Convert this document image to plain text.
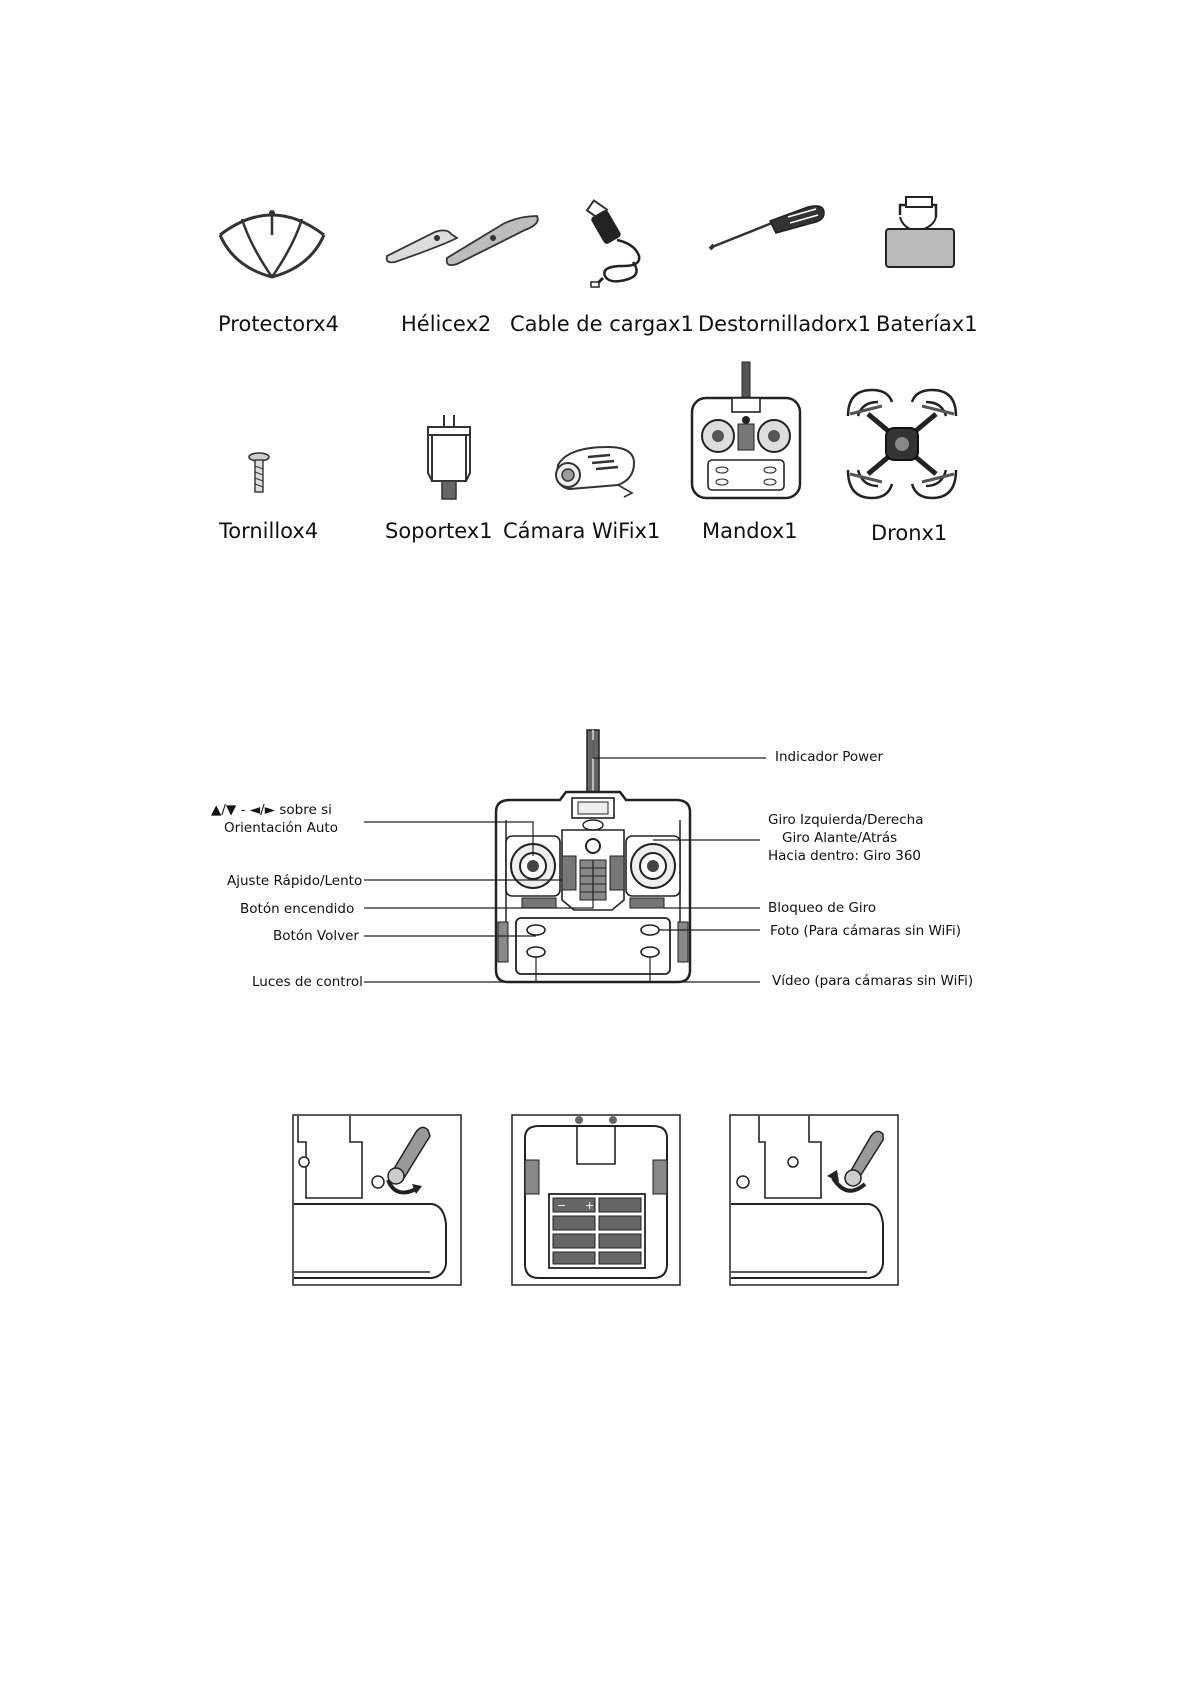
Protectorx4	Hélicex2 Cable de cargax1 Destornilladorx1 Bateríax1
Tornillox4	Soportex1 Cámara WiFix1 Mandox1	Dronx1
▲/▼ - ◄/► sobre si
Orientación Auto
Ajuste Rápido/Lento
Botón encendido
Botón Volver
Luces de control
Indicador Power
Giro Izquierda/Derecha
Giro Alante/Atrás
Hacia dentro: Giro 360
Bloqueo de Giro
Foto (Para cámaras sin WiFi)
Vídeo (para cámaras sin WiFi)
− +
